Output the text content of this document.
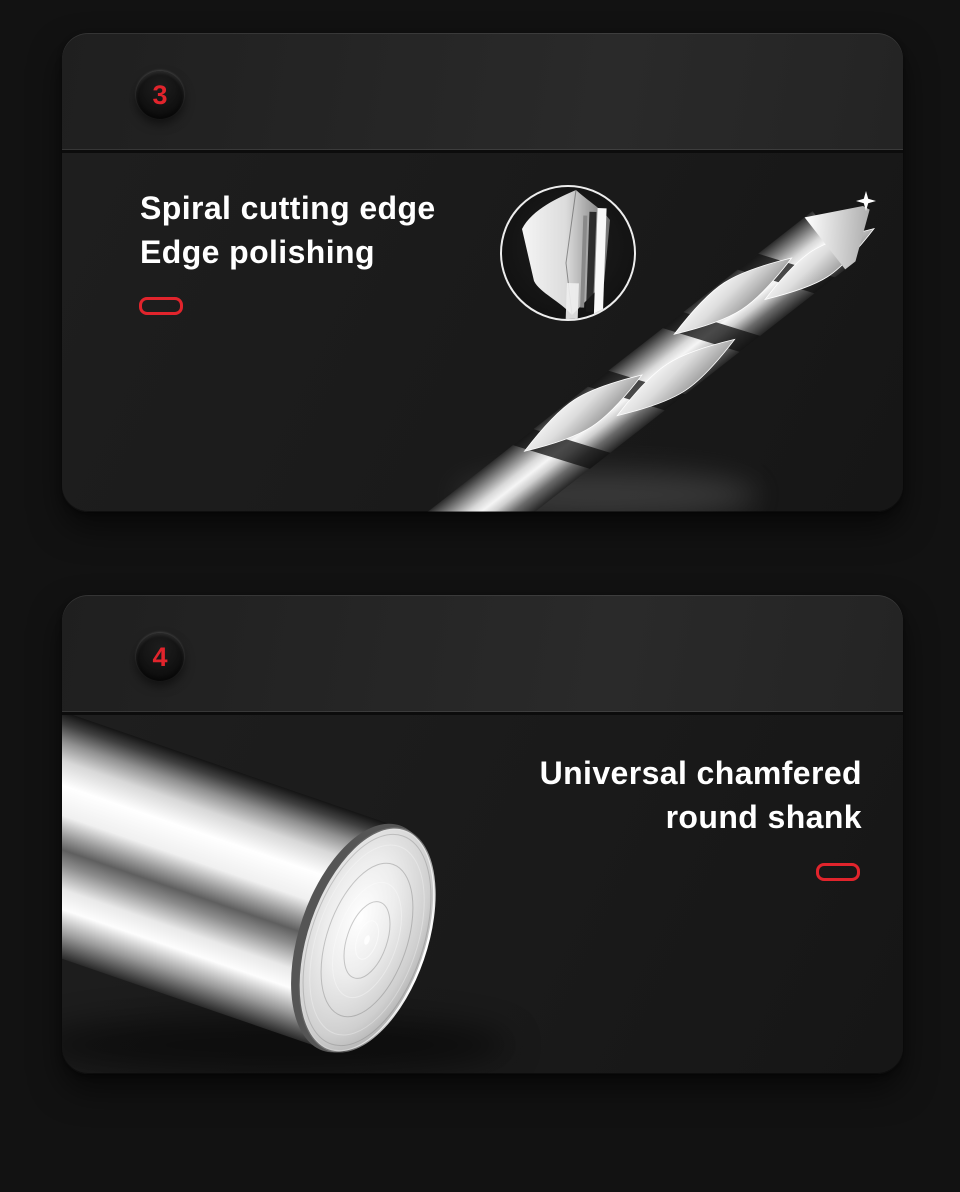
3
Spiral cutting edge
Edge polishing

4
Universal chamfered
round shank
